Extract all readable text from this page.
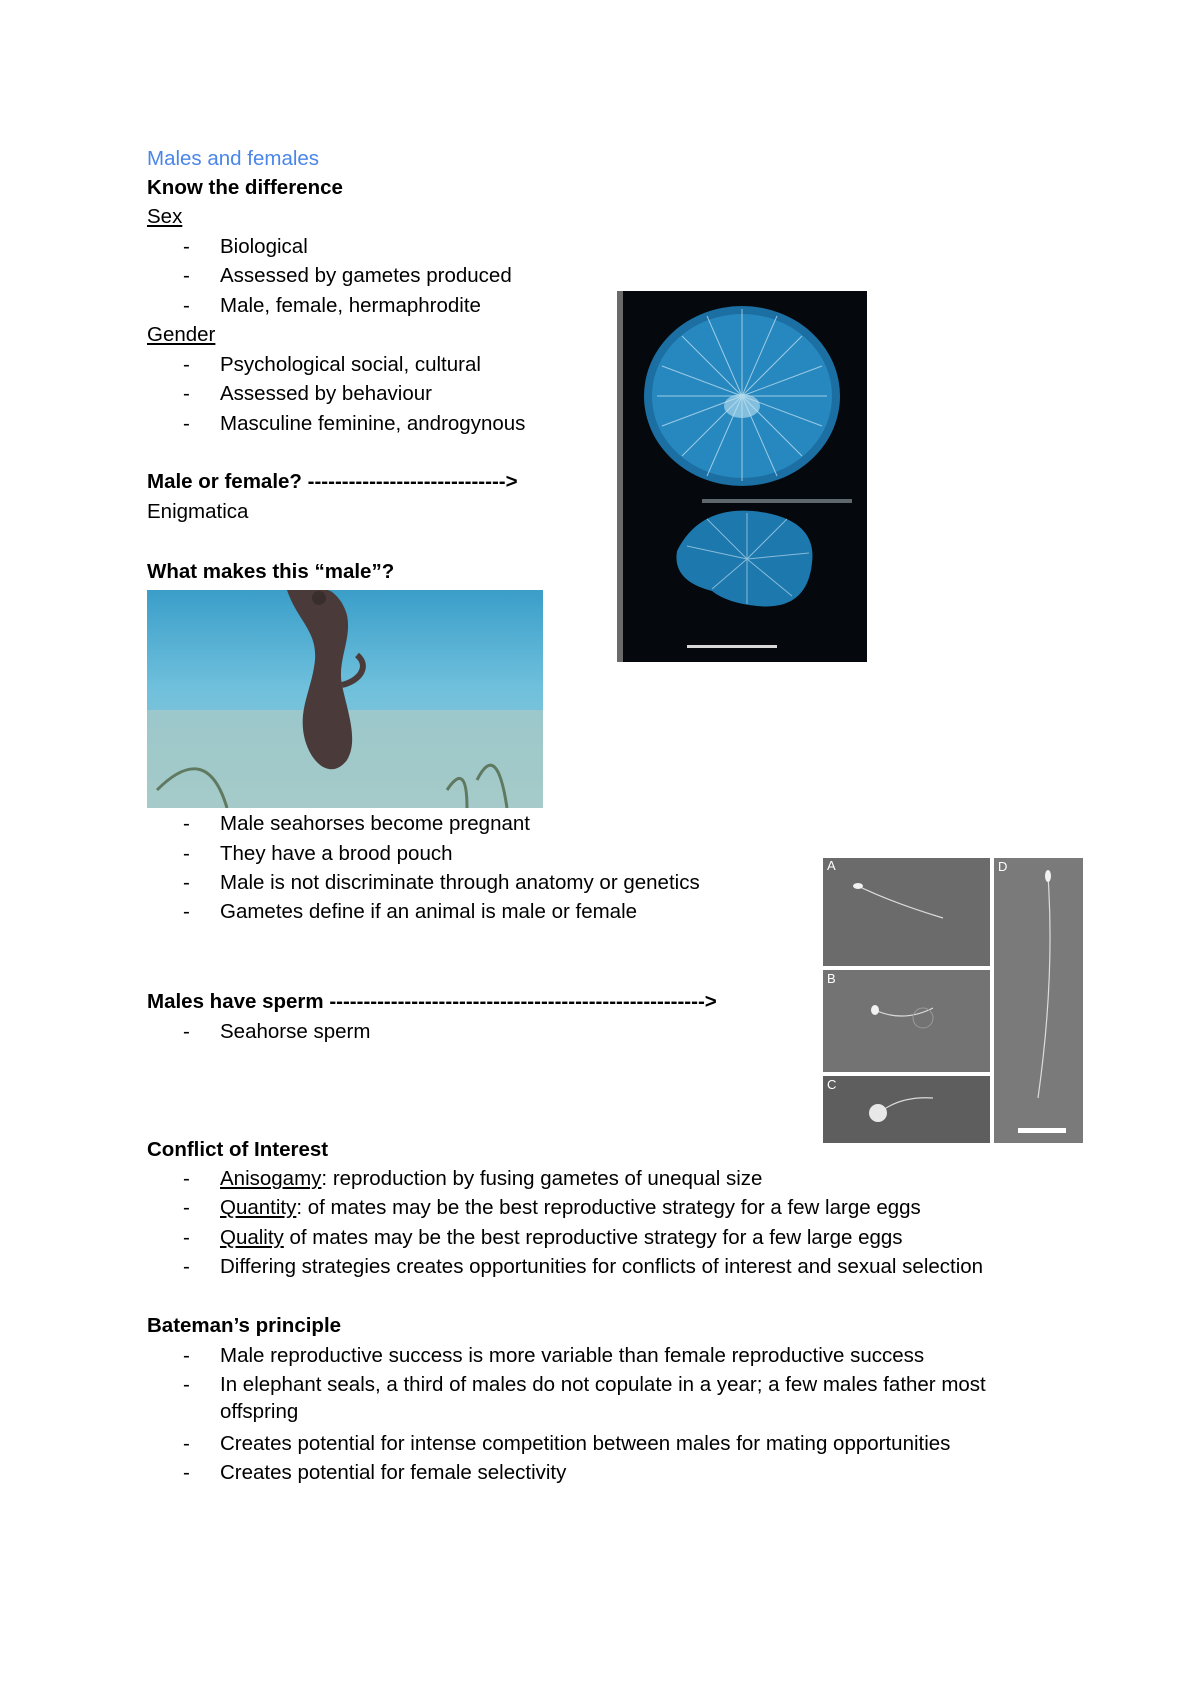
Males and females
Know the difference
Sex
- Biological
- Assessed by gametes produced
- Male, female, hermaphrodite
Gender
- Psychological social, cultural
- Assessed by behaviour
- Masculine feminine, androgynous
Male or female? ----------------------------->
Enigmatica
What makes this “male”?
- Male seahorses become pregnant
- They have a brood pouch
- Male is not discriminate through anatomy or genetics
- Gametes define if an animal is male or female
Males have sperm ------------------------------------------------------->
- Seahorse sperm
A
B
C
D
Conflict of Interest
- Anisogamy: reproduction by fusing gametes of unequal size
- Quantity: of mates may be the best reproductive strategy for a few large eggs
- Quality of mates may be the best reproductive strategy for a few large eggs
- Differing strategies creates opportunities for conflicts of interest and sexual selection
Bateman’s principle
- Male reproductive success is more variable than female reproductive success
- In elephant seals, a third of males do not copulate in a year; a few males father most
offspring
- Creates potential for intense competition between males for mating opportunities
- Creates potential for female selectivity
